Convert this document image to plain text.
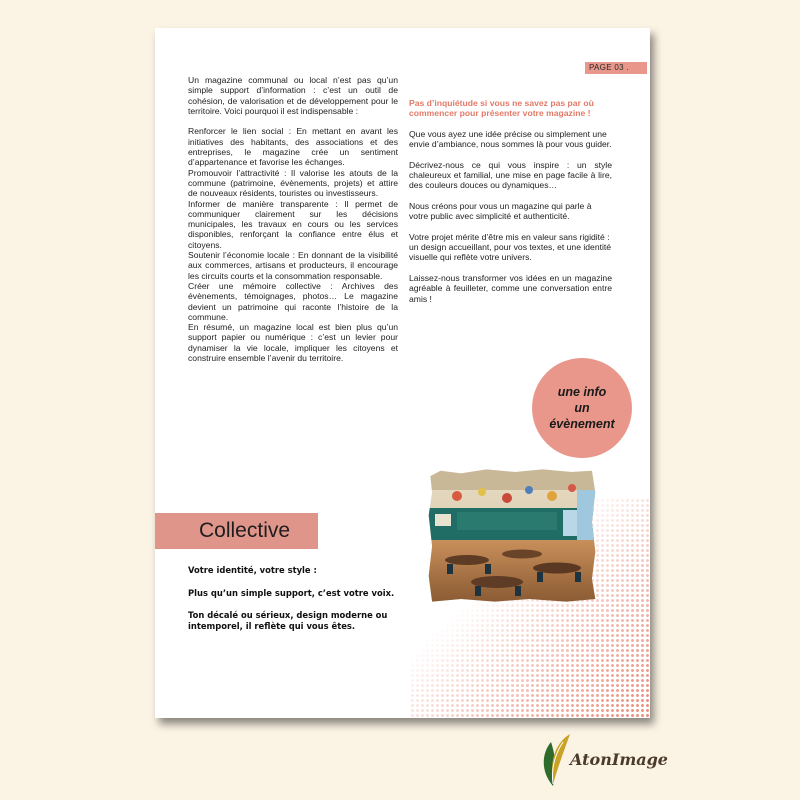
PAGE 03 .

Un magazine communal ou local n’est pas qu’un simple support d’information : c’est un outil de cohésion, de valorisation et de développement pour le territoire. Voici pourquoi il est indispensable :

Renforcer le lien social : En mettant en avant les initiatives des habitants, des associations et des entreprises, le magazine crée un sentiment d’appartenance et favorise les échanges.

Promouvoir l’attractivité : Il valorise les atouts de la commune (patrimoine, évènements, projets) et attire de nouveaux résidents, touristes ou investisseurs.

Informer de manière transparente : Il permet de communiquer clairement sur les décisions municipales, les travaux en cours ou les services disponibles, renforçant la confiance entre élus et citoyens.

Soutenir l’économie locale : En donnant de la visibilité aux commerces, artisans et producteurs, il encourage les circuits courts et la consommation responsable.

Créer une mémoire collective : Archives des évènements, témoignages, photos… Le magazine devient un patrimoine qui raconte l’histoire de la commune.

En résumé, un magazine local est bien plus qu’un support papier ou numérique : c’est un levier pour dynamiser la vie locale, impliquer les citoyens et construire ensemble l’avenir du territoire.

Pas d’inquiétude si vous ne savez pas par où commencer pour présenter votre magazine !

Que vous ayez une idée précise ou simplement une envie d’ambiance, nous sommes là pour vous guider.

Décrivez-nous ce qui vous inspire : un style chaleureux et familial, une mise en page facile à lire, des couleurs douces ou dynamiques…

Nous créons pour vous un magazine qui parle à votre public avec simplicité et authenticité.

Votre projet mérite d’être mis en valeur sans rigidité : un design accueillant, pour vos textes, et une identité visuelle qui reflète votre univers.

Laissez-nous transformer vos idées en un magazine agréable à feuilleter, comme une conversation entre amis !

une info
un
évènement
Collective

Votre identité, votre style :

Plus qu’un simple support, c’est votre voix.

Ton décalé ou sérieux, design moderne ou intemporel, il reflète qui vous êtes.

AtonImage
